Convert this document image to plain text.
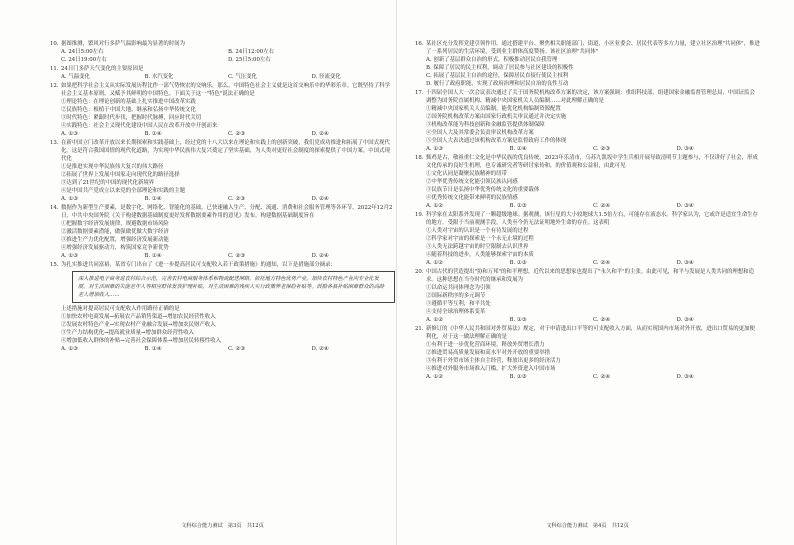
10. 据图推测，繁风对行多萨气温影响最为显著的时间为
A. 24日5:00左右	B. 24日12:00左右
C. 24日19:00左右	D. 25日5:00左右
11. 24日门多萨天气变化的主要原因是
A. 气温变化	B. 水汽变化	C. 气压变化	D. 径流变化
12. 如果把科学社会主义从实际发展历程比作一部气势恢宏的交响乐，那么，中国特色社会主义就是这首交响乐中的华彩乐章。它既坚持了科学社会主义基本原则，又赋予其鲜明的中国特色。下面关于这一"特色"说法正确的是
①理论特色：在理论创新的基础上扎实推进中国改革实践
②民族特色：根植于中国大地，继承和弘扬中华传统文化
③时代特色：紧跟时代步伐，把握时代脉搏，回应时代关切
④实践特色：社会主义现代化建设中国人民在改革开放中开创而来
A. ①③	B. ①④	C. ②③	D. ②④
13. 在新中国立门改革开放以来长期探索和实践基础上，经过党的十八大以来在理论和实践上的创新突破，我们党成功推进和拓展了中国式现代化。这是符合我国国情的现代化道路，为实现中华民族伟大复兴奠定了坚实基础，为人类对更好社会制度的探索提供了中国方案。中国式现代化
①是推进实现中华民族伟大复兴的伟大路径
②拓展了世界上发展中国家走向现代化的路径选择
③达到了21世纪的中国的现代化新境界
④是中国共产党成立以来党的全部理论和实践的主题
A. ①③	B. ①④	C. ②③	D. ②④
14. 数据作为新型生产要素，是数字化、网络化、智能化的基础，已快速融入生产、分配、流通、消费和社会服务管理等各环节。2022年12月2日，中共中央国务院《关于构建数据基础制度更好发挥数据要素作用的意见》发布。构建数据基础制度旨在
①把握数字经济发展规律，规避数据市场风险
②激活数据要素潜能，做强做优做大数字经济
③推进生产力优化配置，增强经济发展新动能
④增强经济发展驱动力，构筑国家竞争新优势
A. ①③	B. ①④	C. ②③	D. ②④
15. 为扎实推进共同富裕，某省专门出台了《进一步提高居民可支配收入若干政策措施》的通知，以下是措施部分摘录：
深入推进电子商务进农村综合示范，完善农村电商服务体系和物流配送网络，依托地方特色优势产业，加快农村特色产业向专业化发展。对生活困难的失能老年人等相应群体发放护理补贴，对生活困难的残疾人实行政策养老保险补贴等。鼓励各县补贴困难群众的高龄老人增加收入……
上述措施对提高居民可支配收入作用路径正确的是
①加快农村电商发展→拓展农产品销售渠道→增加农民经营性收入
②发展农村特色产业→实现农村产业融合发展→增加农民财产收入
③生产力结构优化→提高就业质量→增加群众经营性收入
④增加低收入群体的补贴→完善社会保障体系→增加居民转移性收入
A. ①③	B. ①④	C. ②③	D. ②④
文科综合能力测试　第3页　共12页
16. 某社区充分发挥党建引领作用，通过搭建平台、聚焦相关职能部门、街道、小区业委会、居民代表等多方力量，建立社区治理"共同体"，推进了一系列居民的生活环境，受到业主群体高度赞扬。该社区治理"共同体"
A. 创新了基层群众自治的形式，积极推动居民自我管理
B. 保障了居民的民主权利，调动了居民参与社区建设的积极性
C. 拓展了基层民主自治的途径，保障居民直接行使民主权利
D. 履行了政府职能，实现了政府治理和居民自治的良性互动
17. 十四届全国人大一次会议表决通过了关于国务院机构改革方案的决定，该方案强调：重组科技部，组建国家金融监督管理总局、中国证监会调整为国务院直属机构、精减中央国家机关人员编制……对此理解正确的是
①精减中央国家机关人员编制，能优化机构编制资源配置
②国务院机构改革方案由国家行政机关审议通过并决定实施
③机构改革能为科技创新和金融监管提供体制保障
④全国人大及其常委会负责审议机构改革方案
⑤全国人大表决通过该机构改革方案是监督政府工作的体现
A. ①③	B. ①④	C. ②③	D. ③④
18. 甄鸡是古，敬祖重仁文化是中华民族的优良传统。2023年乐清市，乌苏九凯坂中学生兵相开展导致清明节主题参与，不仅讲好了社会，形成文化传承的良好生机理，也专诚研究者等研讨家传和，的价值观和公益祖，由此可见
①文化认同是凝聚民族精神的纽带
②中华优秀传统文化能引领民族认同感
③民族节日是弘扬中华优秀传统文化的重要载体
④优秀传统文化能带来鲜明的民族情感
A. ①②	B. ①③	C. ②④	D. ③④
19. 科学家在太阳系外发现了一颗超级地球。据观测，该行星的大小较地球大1.5倍左右，可能存在液态水。科学家认为，它或许是适宜生命生存的地方。受限于当前观测手段，人类至今仍无法证明地外生命的存在。这表明
①人类对宇宙的认识是一个有待发展的过程
②科学家对宇宙的探索是一个永无止境的过程
③人类无法跨越宇宙的时空限制去认识世界
④随着科技的进步，人类能够探索宇宙的本质
A. ①②	B. ①③	C. ②④	D. ③④
20. 中国古代的营造提出"协和万邦"的和平理想，近代以来的思想家也提出了"永久和平"的主张。由此可见，和平与发展是人类共同的理想和追求。这种思想在当今时代的继承和发展为
①以命运共同体理念为引领
②国际新秩序的多元调节
③遵循平等互利，和平共处
④支持全球治理体系变革
A. ①②	B. ①③	C. ②④	D. ③④
21. 新修订的《中华人民共和国对外贸易法》规定，对于申请进出口平等的可支配收入方面，从而实现国内市场对外开放，进出口贸易的更加便利化，对于这一做法理解正确的是
①有利于进一步优化营商环境，释放外贸增长潜力
②推进贸易高质量发展和高水平对外开放的重要举措
③有利于外贸市场主体自主经营，释放出更多的经济活力
④推进对外服务市场准入门槛，扩大外资进入中国市场
A. ①②	B. ①③	C. ②④	D. ③④
文科综合能力测试　第4页　共12页
